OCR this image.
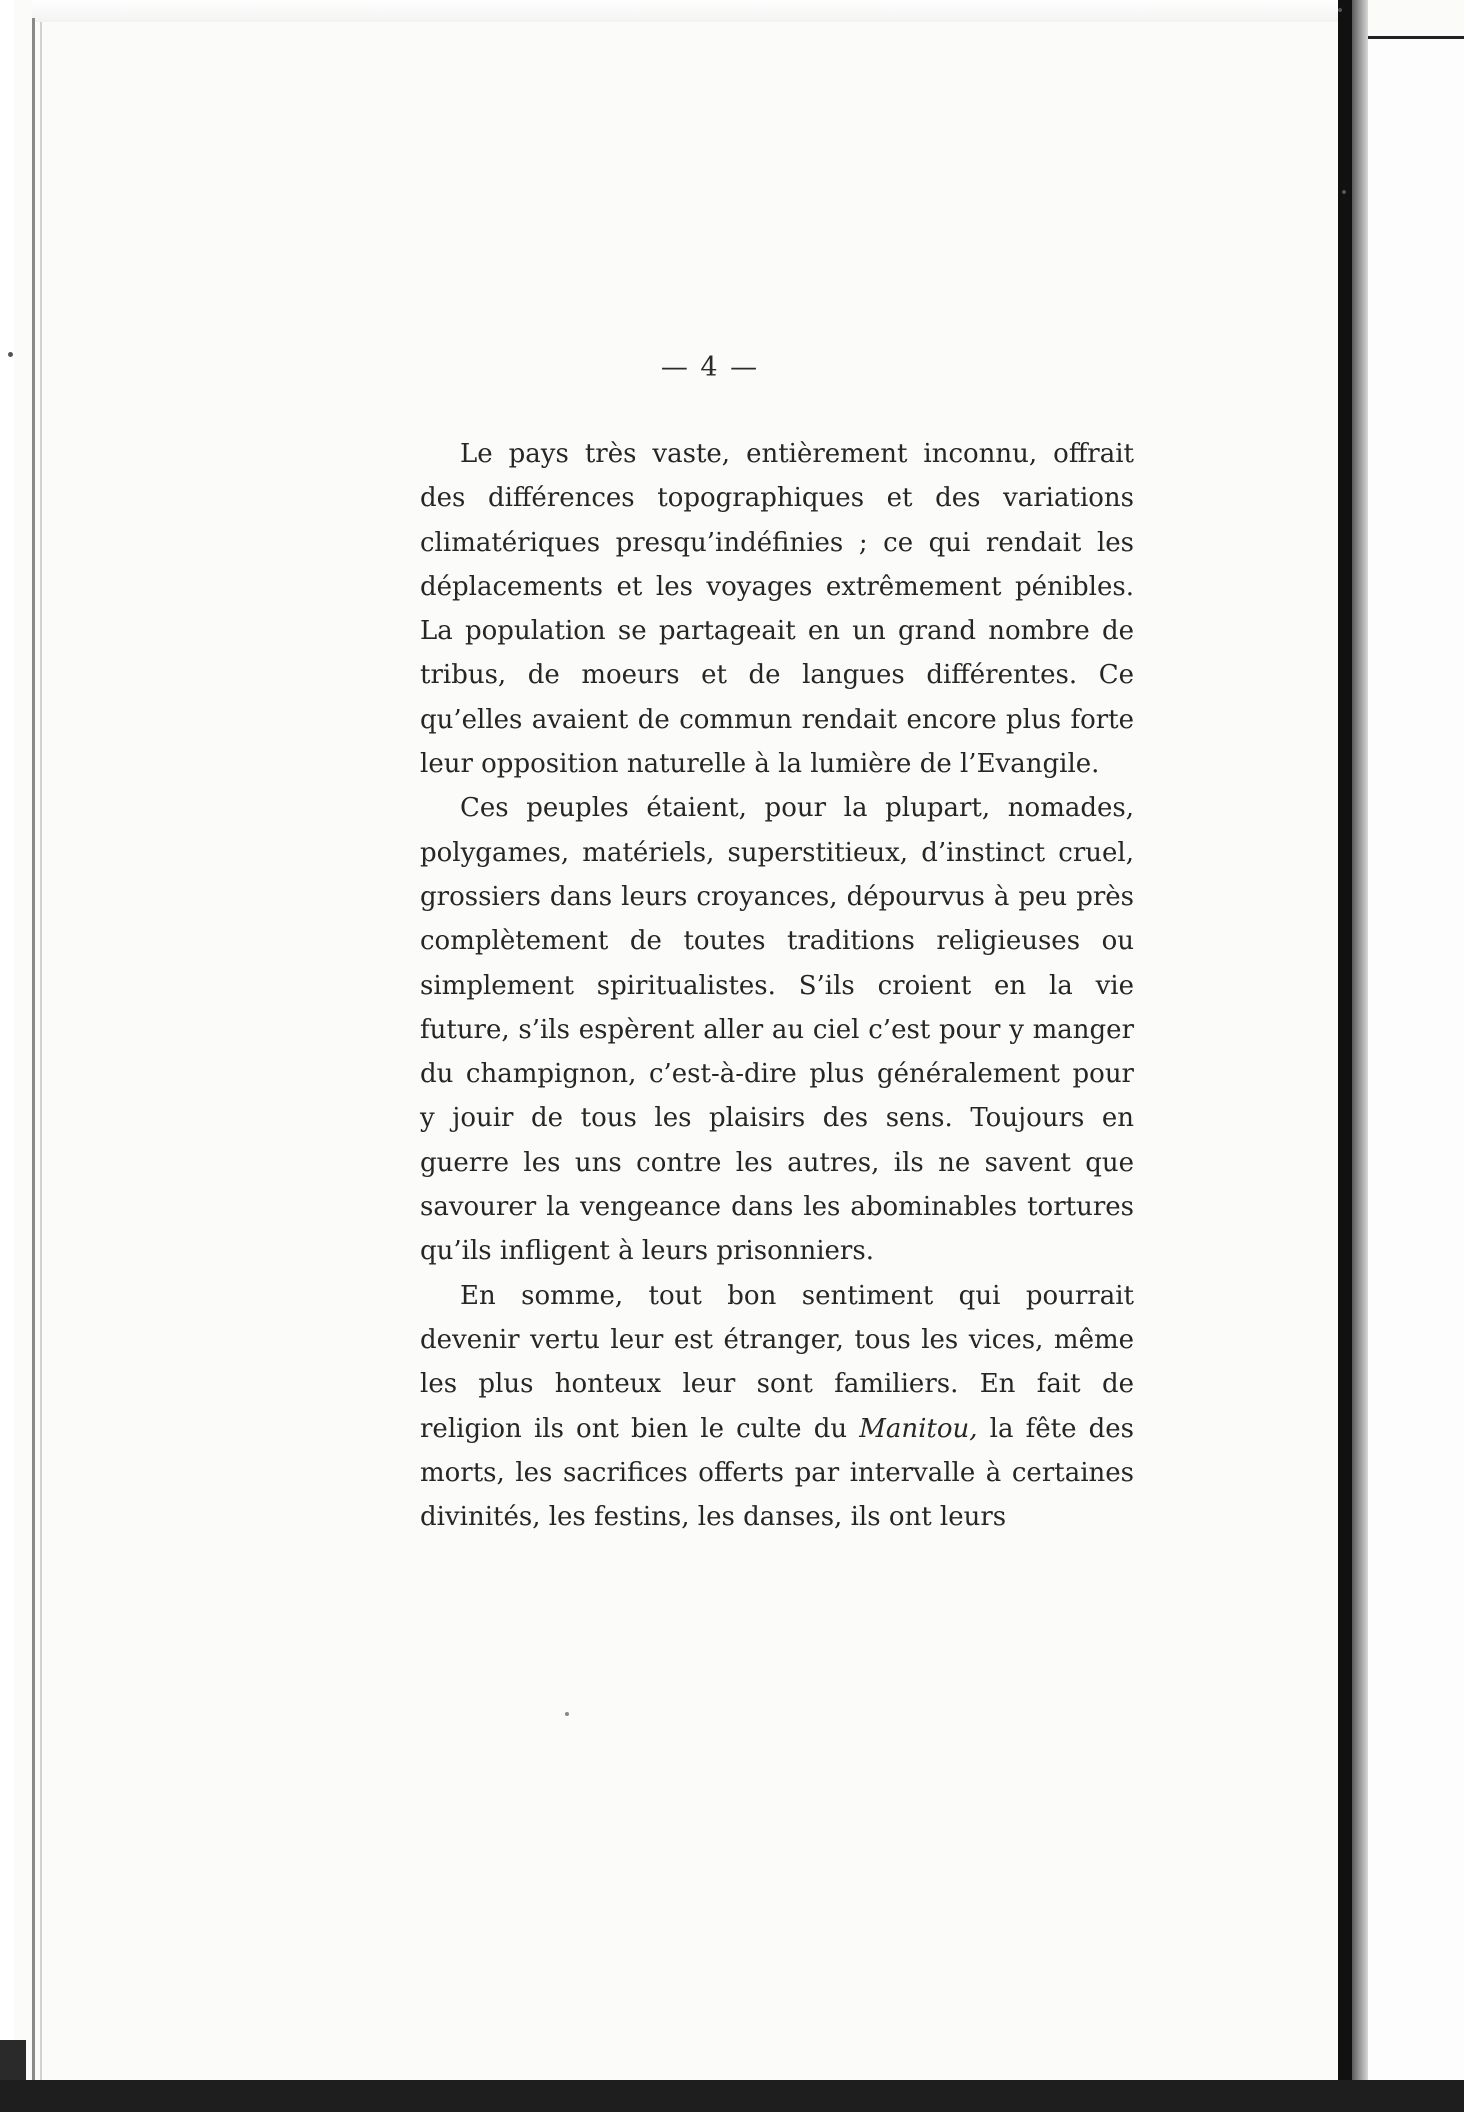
— 4 —

Le pays très vaste, entièrement inconnu, offrait des différences topographiques et des variations climatériques presqu’indéfinies ; ce qui rendait les déplacements et les voyages extrêmement pénibles. La population se partageait en un grand nombre de tribus, de moeurs et de langues différentes. Ce qu’elles avaient de commun rendait encore plus forte leur opposition naturelle à la lumière de l’Evangile.

Ces peuples étaient, pour la plupart, nomades, polygames, matériels, superstitieux, d’instinct cruel, grossiers dans leurs croyances, dépourvus à peu près complètement de toutes traditions religieuses ou simplement spiritualistes. S’ils croient en la vie future, s’ils espèrent aller au ciel c’est pour y manger du champignon, c’est-à-dire plus généralement pour y jouir de tous les plaisirs des sens. Toujours en guerre les uns contre les autres, ils ne savent que savourer la vengeance dans les abominables tortures qu’ils infligent à leurs prisonniers.

En somme, tout bon sentiment qui pourrait devenir vertu leur est étranger, tous les vices, même les plus honteux leur sont familiers. En fait de religion ils ont bien le culte du Manitou, la fête des morts, les sacrifices offerts par intervalle à certaines divinités, les festins, les danses, ils ont leurs
